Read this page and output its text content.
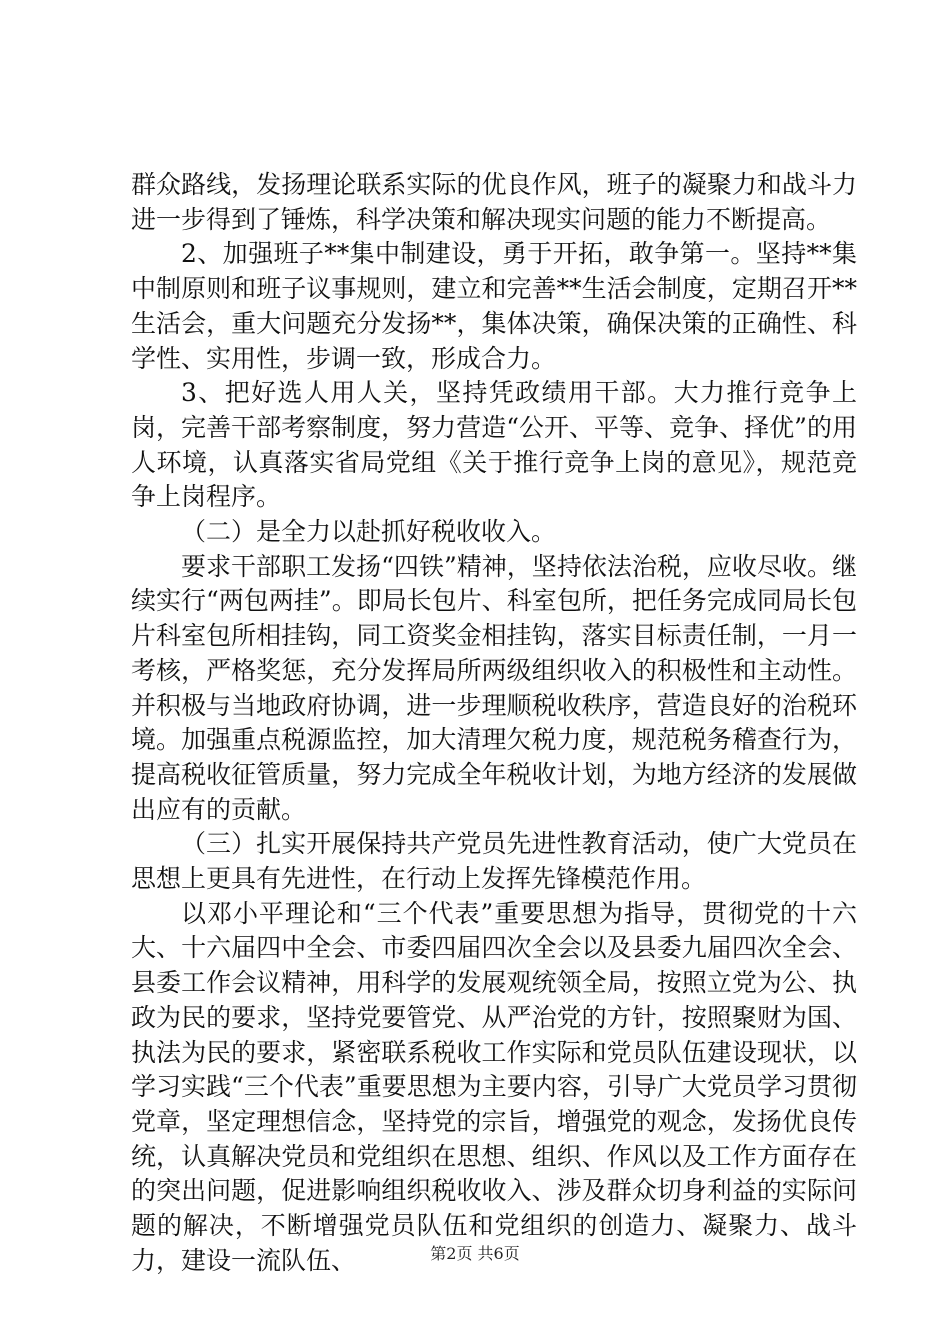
群众路线，发扬理论联系实际的优良作风，班子的凝聚力和战斗力进一步得到了锤炼，科学决策和解决现实问题的能力不断提高。

2、加强班子**集中制建设，勇于开拓，敢争第一。坚持**集中制原则和班子议事规则，建立和完善**生活会制度，定期召开**生活会，重大问题充分发扬**，集体决策，确保决策的正确性、科学性、实用性，步调一致，形成合力。

3、把好选人用人关，坚持凭政绩用干部。大力推行竞争上岗，完善干部考察制度，努力营造“公开、平等、竞争、择优”的用人环境，认真落实省局党组《关于推行竞争上岗的意见》，规范竞争上岗程序。

（二）是全力以赴抓好税收收入。

要求干部职工发扬“四铁”精神，坚持依法治税，应收尽收。继续实行“两包两挂”。即局长包片、科室包所，把任务完成同局长包片科室包所相挂钩，同工资奖金相挂钩，落实目标责任制，一月一考核，严格奖惩，充分发挥局所两级组织收入的积极性和主动性。并积极与当地政府协调，进一步理顺税收秩序，营造良好的治税环境。加强重点税源监控，加大清理欠税力度，规范税务稽查行为，提高税收征管质量，努力完成全年税收计划，为地方经济的发展做出应有的贡献。

（三）扎实开展保持共产党员先进性教育活动，使广大党员在思想上更具有先进性，在行动上发挥先锋模范作用。

以邓小平理论和“三个代表”重要思想为指导，贯彻党的十六大、十六届四中全会、市委四届四次全会以及县委九届四次全会、县委工作会议精神，用科学的发展观统领全局，按照立党为公、执政为民的要求，坚持党要管党、从严治党的方针，按照聚财为国、执法为民的要求，紧密联系税收工作实际和党员队伍建设现状，以学习实践“三个代表”重要思想为主要内容，引导广大党员学习贯彻党章，坚定理想信念，坚持党的宗旨，增强党的观念，发扬优良传统，认真解决党员和党组织在思想、组织、作风以及工作方面存在的突出问题，促进影响组织税收收入、涉及群众切身利益的实际问题的解决，不断增强党员队伍和党组织的创造力、凝聚力、战斗力，建设一流队伍、	第2页 共6页
